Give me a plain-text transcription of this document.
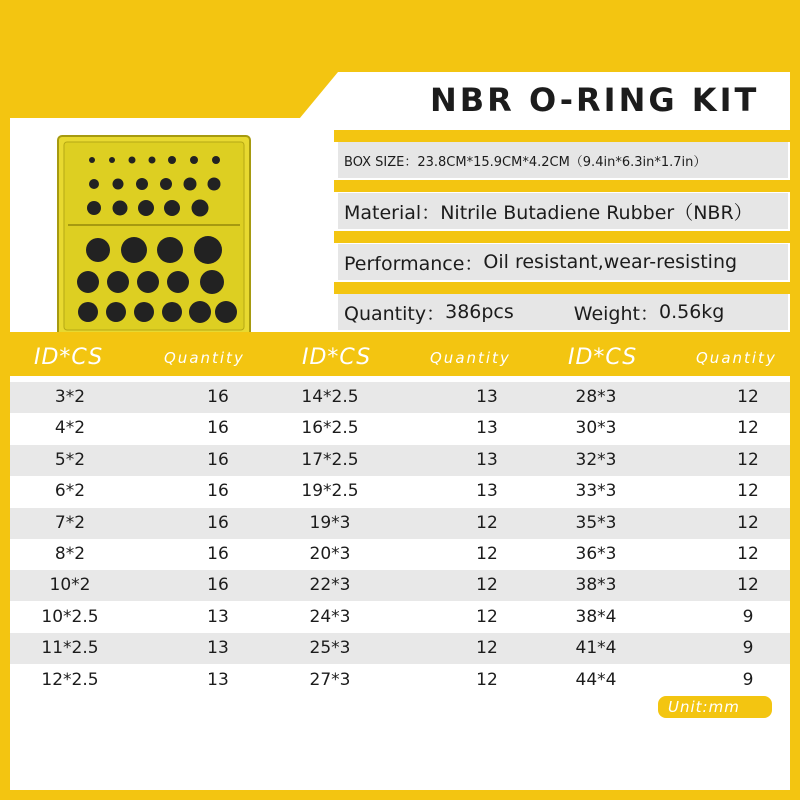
NBR O-RING KIT
BOX SIZE： 23.8CM*15.9CM*4.2CM（9.4in*6.3in*1.7in）
Material： Nitrile Butadiene Rubber（NBR）
Performance： Oil resistant,wear-resisting
Quantity： 386pcs	Weight： 0.56kg
ID*CS	Quantity	ID*CS	Quantity	ID*CS	Quantity
3*2	16	14*2.5	13	28*3	12
4*2	16	16*2.5	13	30*3	12
5*2	16	17*2.5	13	32*3	12
6*2	16	19*2.5	13	33*3	12
7*2	16	19*3	12	35*3	12
8*2	16	20*3	12	36*3	12
10*2	16	22*3	12	38*3	12
10*2.5	13	24*3	12	38*4	9
11*2.5	13	25*3	12	41*4	9
12*2.5	13	27*3	12	44*4	9
Unit:mm
